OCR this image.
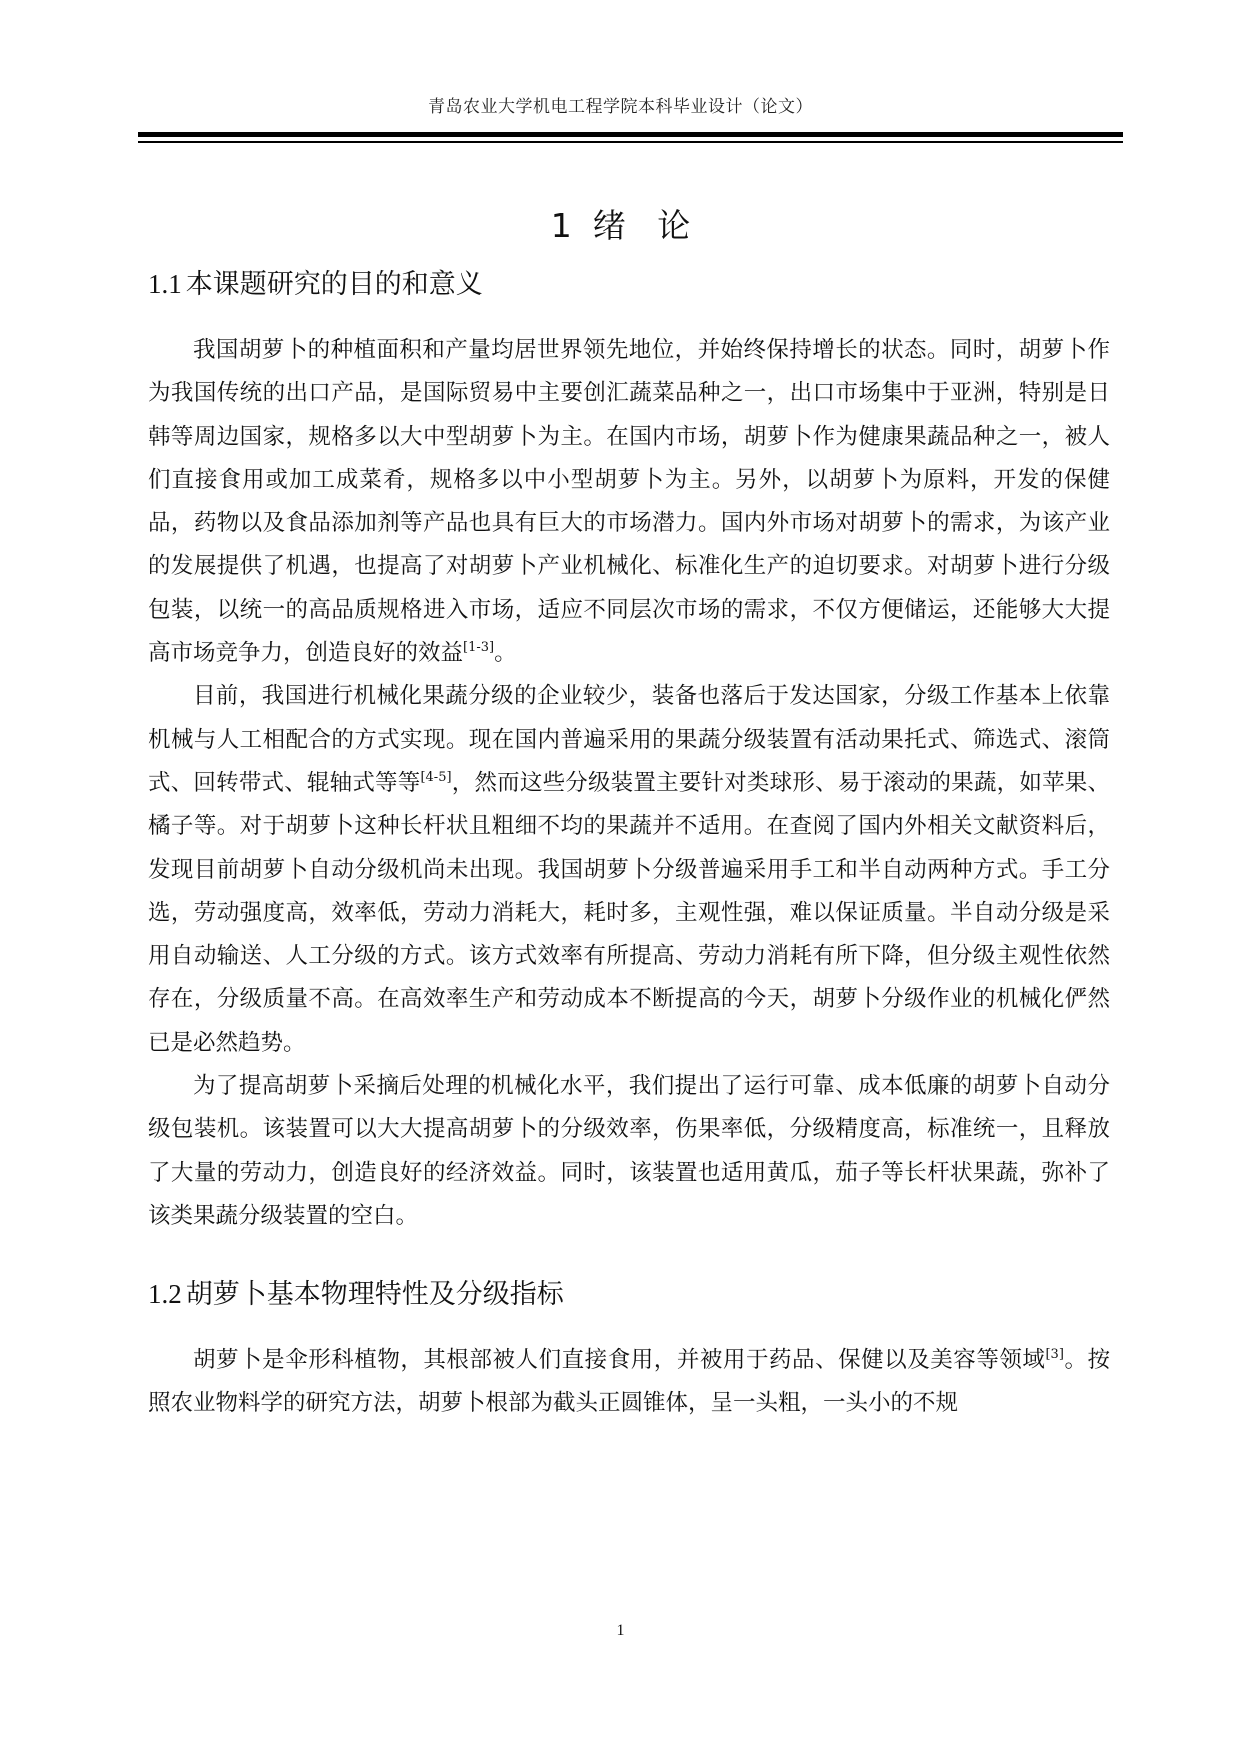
青岛农业大学机电工程学院本科毕业设计（论文）
1  绪   论
1.1 本课题研究的目的和意义

我国胡萝卜的种植面积和产量均居世界领先地位，并始终保持增长的状态。同时，胡萝卜作为我国传统的出口产品，是国际贸易中主要创汇蔬菜品种之一，出口市场集中于亚洲，特别是日韩等周边国家，规格多以大中型胡萝卜为主。在国内市场，胡萝卜作为健康果蔬品种之一，被人们直接食用或加工成菜肴，规格多以中小型胡萝卜为主。另外，以胡萝卜为原料，开发的保健品，药物以及食品添加剂等产品也具有巨大的市场潜力。国内外市场对胡萝卜的需求，为该产业的发展提供了机遇，也提高了对胡萝卜产业机械化、标准化生产的迫切要求。对胡萝卜进行分级包装，以统一的高品质规格进入市场，适应不同层次市场的需求，不仅方便储运，还能够大大提高市场竞争力，创造良好的效益[1-3]。

目前，我国进行机械化果蔬分级的企业较少，装备也落后于发达国家，分级工作基本上依靠机械与人工相配合的方式实现。现在国内普遍采用的果蔬分级装置有活动果托式、筛选式、滚筒式、回转带式、辊轴式等等[4-5]，然而这些分级装置主要针对类球形、易于滚动的果蔬，如苹果、橘子等。对于胡萝卜这种长杆状且粗细不均的果蔬并不适用。在查阅了国内外相关文献资料后，发现目前胡萝卜自动分级机尚未出现。我国胡萝卜分级普遍采用手工和半自动两种方式。手工分选，劳动强度高，效率低，劳动力消耗大，耗时多，主观性强，难以保证质量。半自动分级是采用自动输送、人工分级的方式。该方式效率有所提高、劳动力消耗有所下降，但分级主观性依然存在，分级质量不高。在高效率生产和劳动成本不断提高的今天，胡萝卜分级作业的机械化俨然已是必然趋势。

为了提高胡萝卜采摘后处理的机械化水平，我们提出了运行可靠、成本低廉的胡萝卜自动分级包装机。该装置可以大大提高胡萝卜的分级效率，伤果率低，分级精度高，标准统一，且释放了大量的劳动力，创造良好的经济效益。同时，该装置也适用黄瓜，茄子等长杆状果蔬，弥补了该类果蔬分级装置的空白。

1.2 胡萝卜基本物理特性及分级指标

胡萝卜是伞形科植物，其根部被人们直接食用，并被用于药品、保健以及美容等领域[3]。按照农业物料学的研究方法，胡萝卜根部为截头正圆锥体，呈一头粗，一头小的不规

1
